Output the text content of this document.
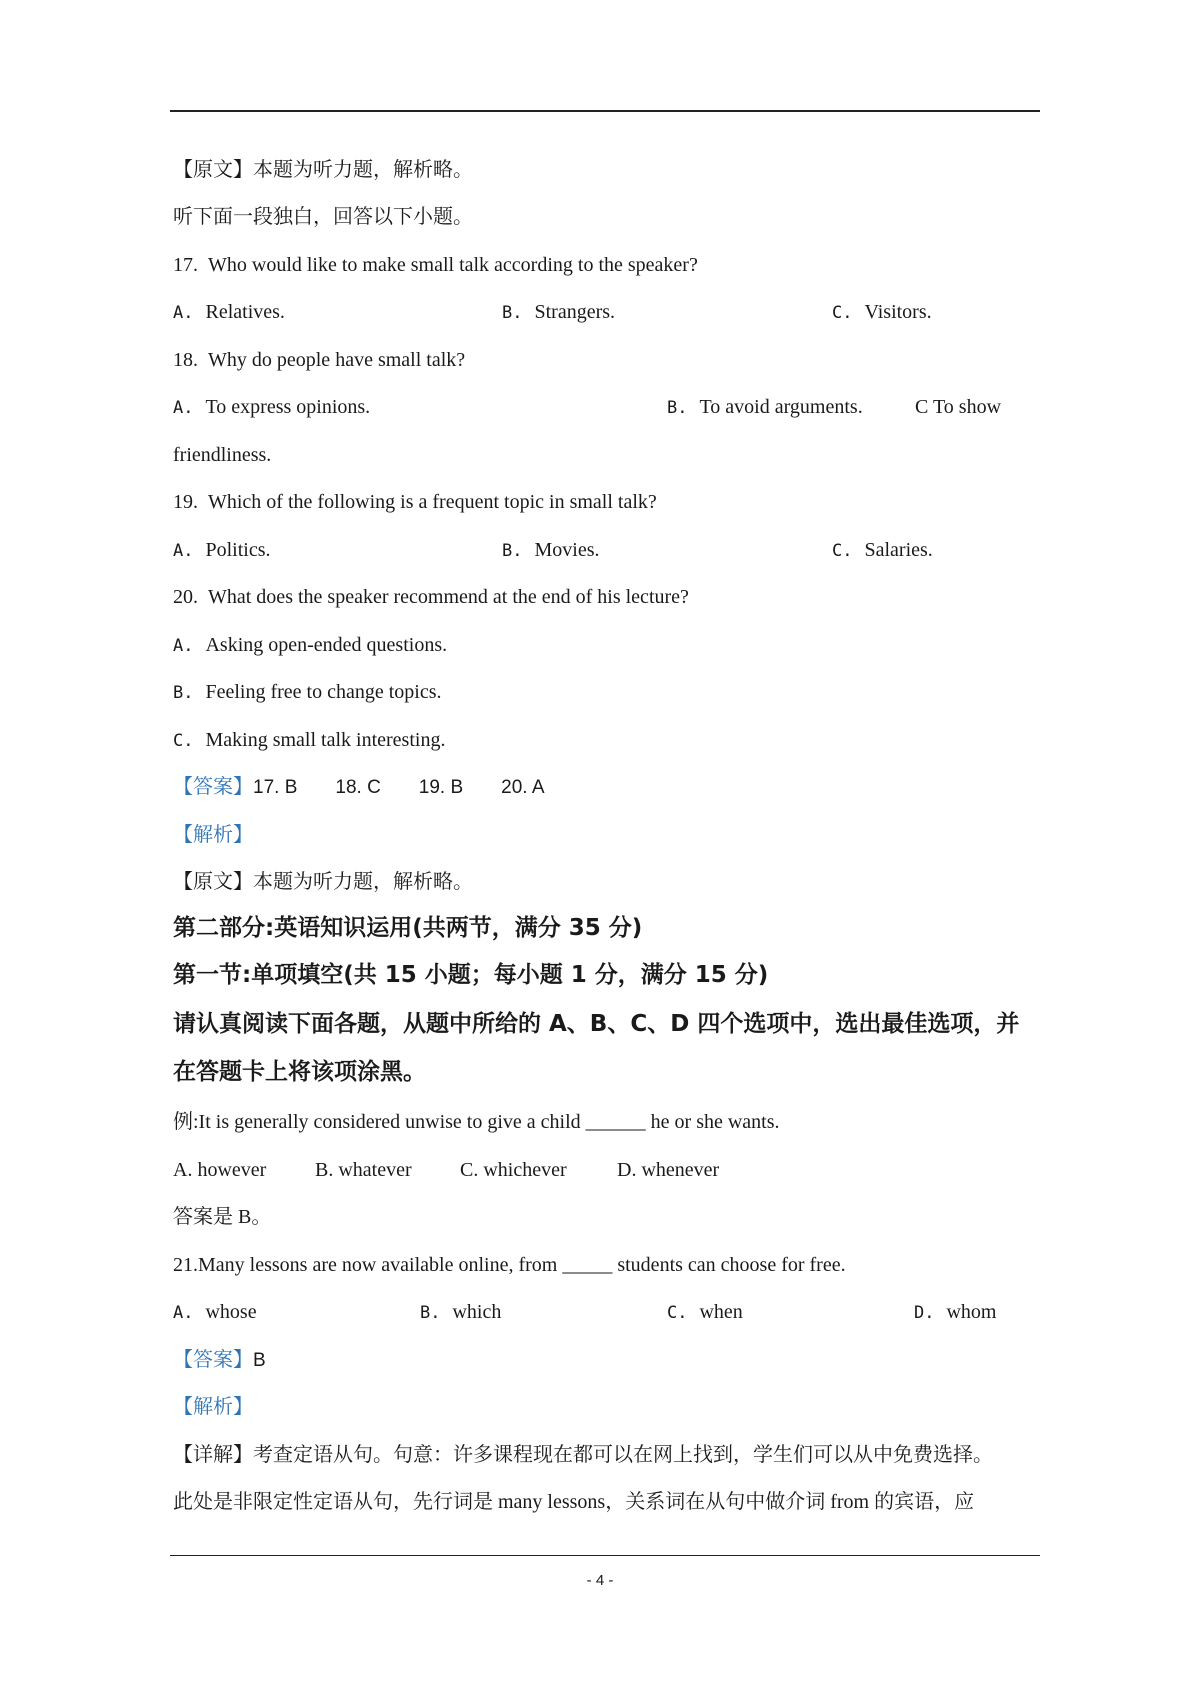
【原文】本题为听力题，解析略。
听下面一段独白，回答以下小题。
17.  Who would like to make small talk according to the speaker?
A. Relatives.	B. Strangers.	C. Visitors.
18.  Why do people have small talk?
A. To express opinions.	B. To avoid arguments.	C To show
friendliness.
19.  Which of the following is a frequent topic in small talk?
A. Politics.	B. Movies.	C. Salaries.
20.  What does the speaker recommend at the end of his lecture?
A. Asking open-ended questions.
B. Feeling free to change topics.
C. Making small talk interesting.
【答案】17. B 18. C 19. B 20. A
【解析】
【原文】本题为听力题，解析略。
第二部分:英语知识运用(共两节，满分 35 分)
第一节:单项填空(共 15 小题；每小题 1 分，满分 15 分)
请认真阅读下面各题，从题中所给的 A、B、C、D 四个选项中，选出最佳选项，并
在答题卡上将该项涂黑。
例:It is generally considered unwise to give a child ______ he or she wants.
A. however B. whatever C. whichever	D. whenever
答案是 B。
21.Many lessons are now available online, from _____ students can choose for free.
A. whose	B. which	C. when	D. whom
【答案】B
【解析】
【详解】考查定语从句。句意：许多课程现在都可以在网上找到，学生们可以从中免费选择。
此处是非限定性定语从句，先行词是 many lessons，关系词在从句中做介词 from 的宾语，应
- 4 -
